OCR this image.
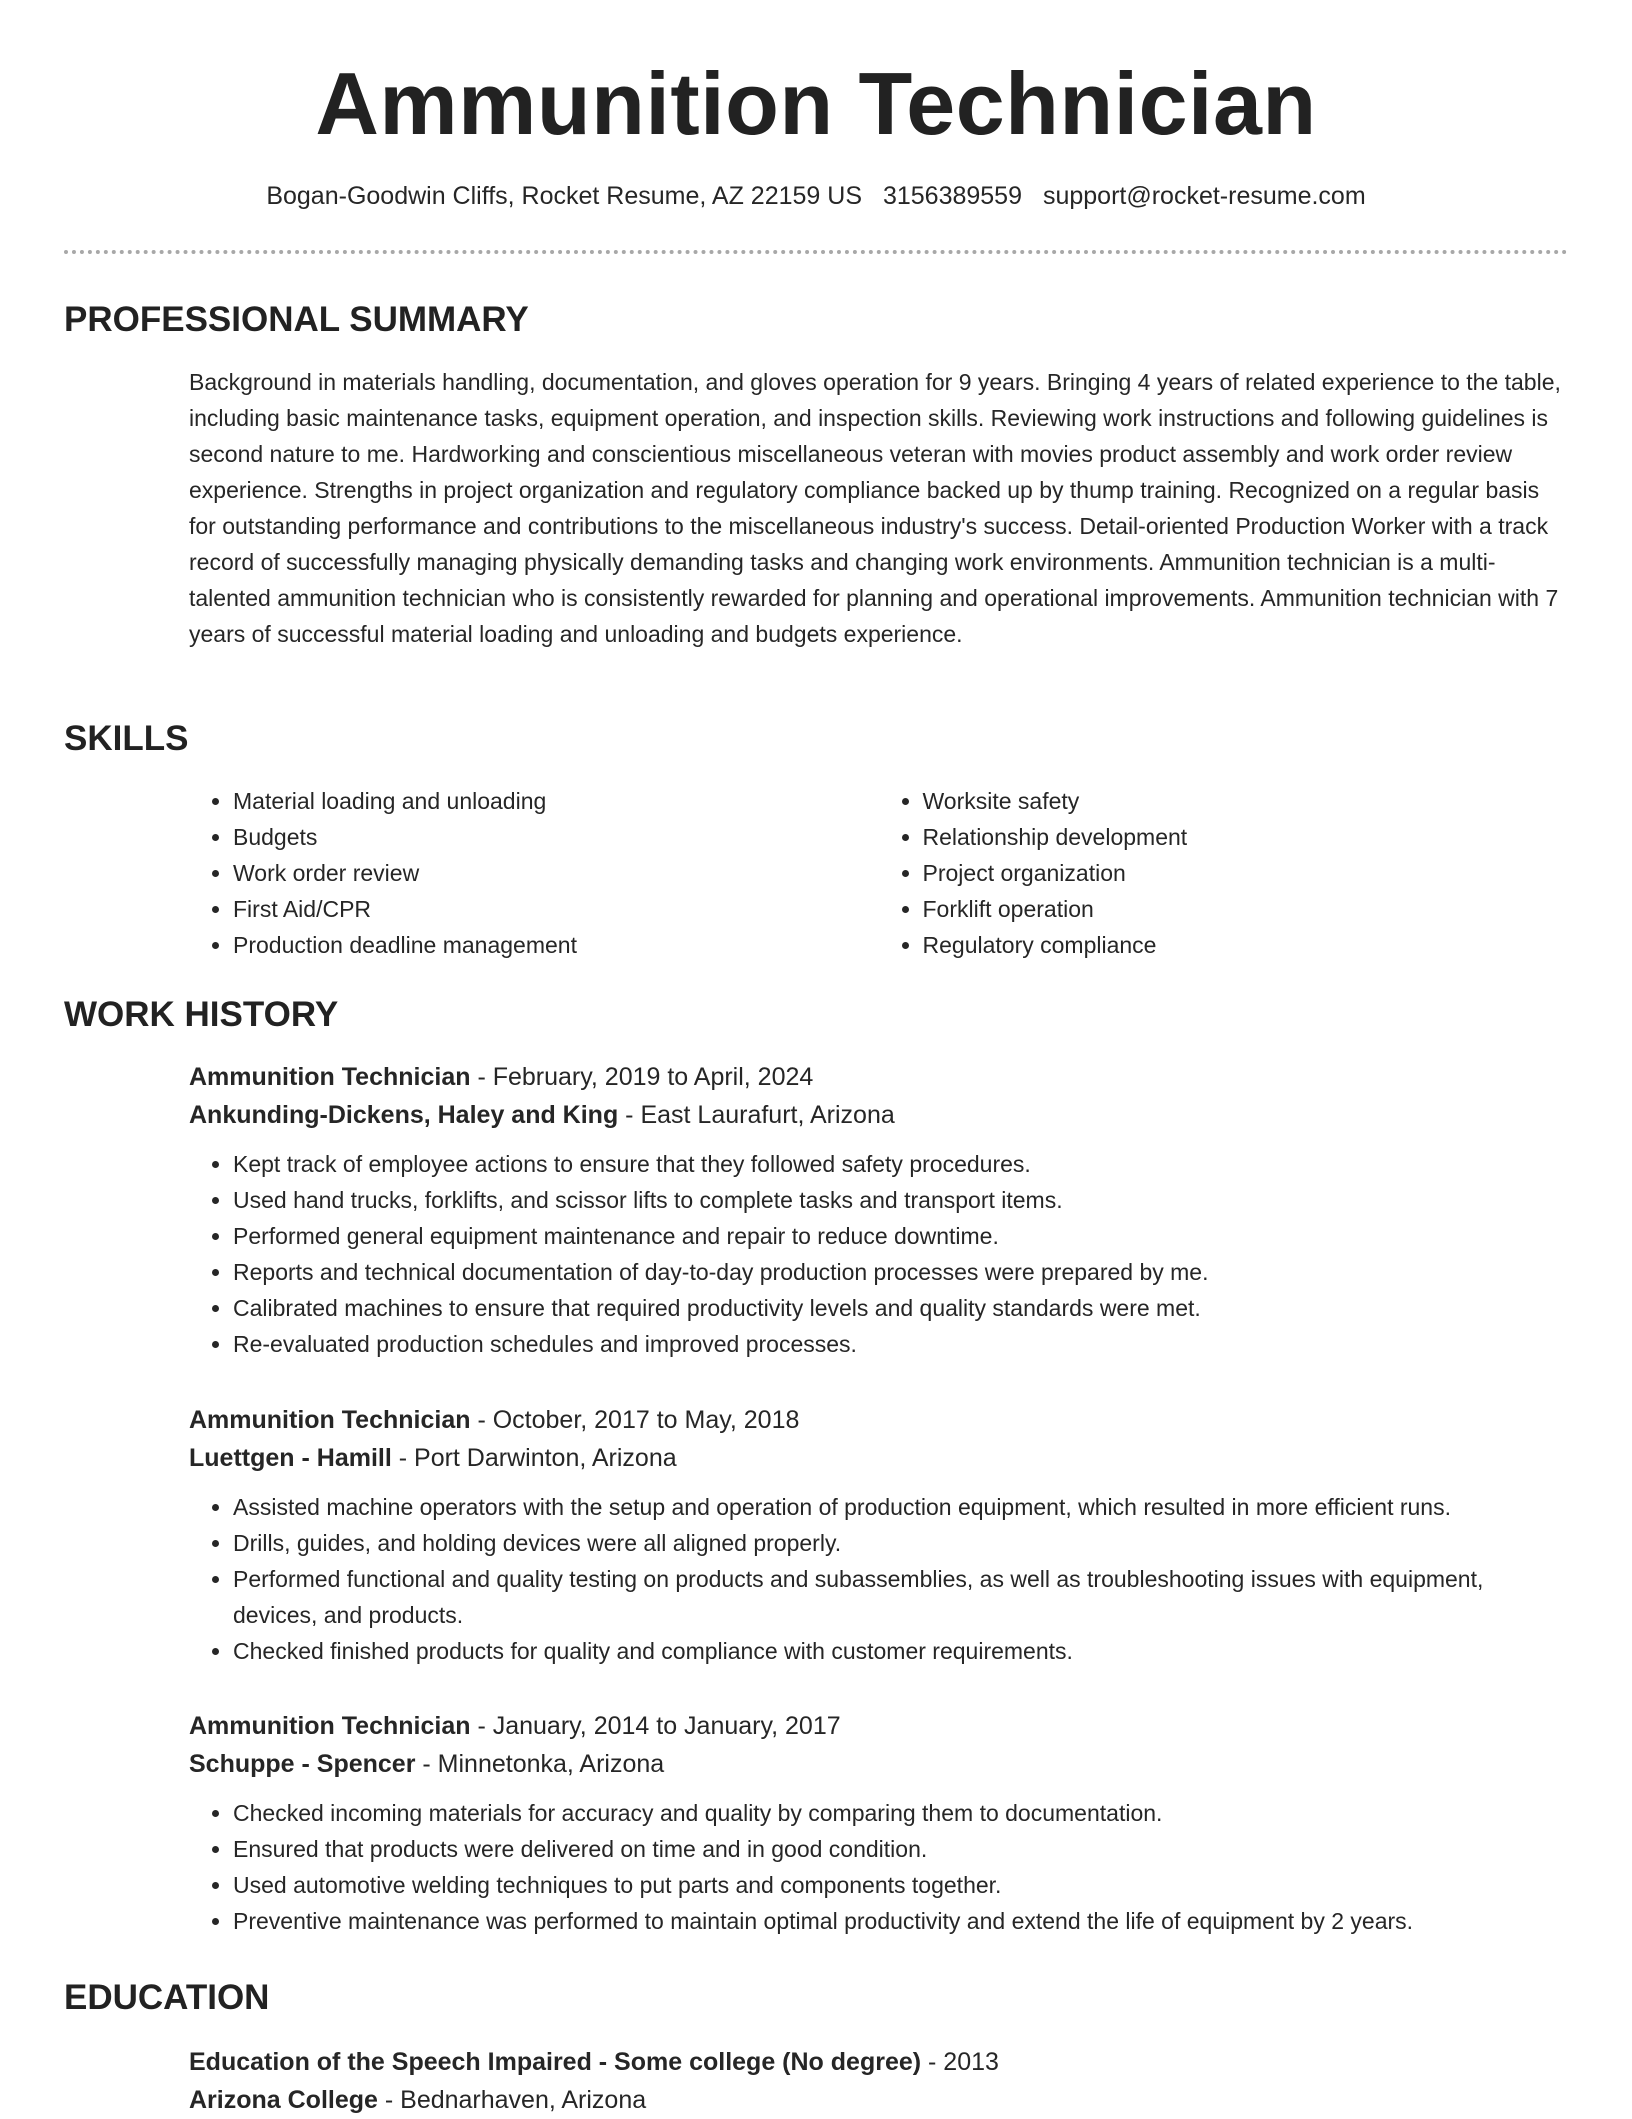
Ammunition Technician
Bogan-Goodwin Cliffs, Rocket Resume, AZ 22159 US 3156389559 support@rocket-resume.com
PROFESSIONAL SUMMARY

Background in materials handling, documentation, and gloves operation for 9 years. Bringing 4 years of related experience to the table, including basic maintenance tasks, equipment operation, and inspection skills. Reviewing work instructions and following guidelines is second nature to me. Hardworking and conscientious miscellaneous veteran with movies product assembly and work order review experience. Strengths in project organization and regulatory compliance backed up by thump training. Recognized on a regular basis for outstanding performance and contributions to the miscellaneous industry's success. Detail-oriented Production Worker with a track record of successfully managing physically demanding tasks and changing work environments. Ammunition technician is a multi-talented ammunition technician who is consistently rewarded for planning and operational improvements. Ammunition technician with 7 years of successful material loading and unloading and budgets experience.

SKILLS
• Material loading and unloading
• Budgets
• Work order review
• First Aid/CPR
• Production deadline management
• Worksite safety
• Relationship development
• Project organization
• Forklift operation
• Regulatory compliance
WORK HISTORY
Ammunition Technician - February, 2019 to April, 2024
Ankunding-Dickens, Haley and King - East Laurafurt, Arizona
• Kept track of employee actions to ensure that they followed safety procedures.
• Used hand trucks, forklifts, and scissor lifts to complete tasks and transport items.
• Performed general equipment maintenance and repair to reduce downtime.
• Reports and technical documentation of day-to-day production processes were prepared by me.
• Calibrated machines to ensure that required productivity levels and quality standards were met.
• Re-evaluated production schedules and improved processes.
Ammunition Technician - October, 2017 to May, 2018
Luettgen - Hamill - Port Darwinton, Arizona
• Assisted machine operators with the setup and operation of production equipment, which resulted in more efficient runs.
• Drills, guides, and holding devices were all aligned properly.
• Performed functional and quality testing on products and subassemblies, as well as troubleshooting issues with equipment, devices, and products.
• Checked finished products for quality and compliance with customer requirements.
Ammunition Technician - January, 2014 to January, 2017
Schuppe - Spencer - Minnetonka, Arizona
• Checked incoming materials for accuracy and quality by comparing them to documentation.
• Ensured that products were delivered on time and in good condition.
• Used automotive welding techniques to put parts and components together.
• Preventive maintenance was performed to maintain optimal productivity and extend the life of equipment by 2 years.
EDUCATION
Education of the Speech Impaired - Some college (No degree) - 2013
Arizona College - Bednarhaven, Arizona
